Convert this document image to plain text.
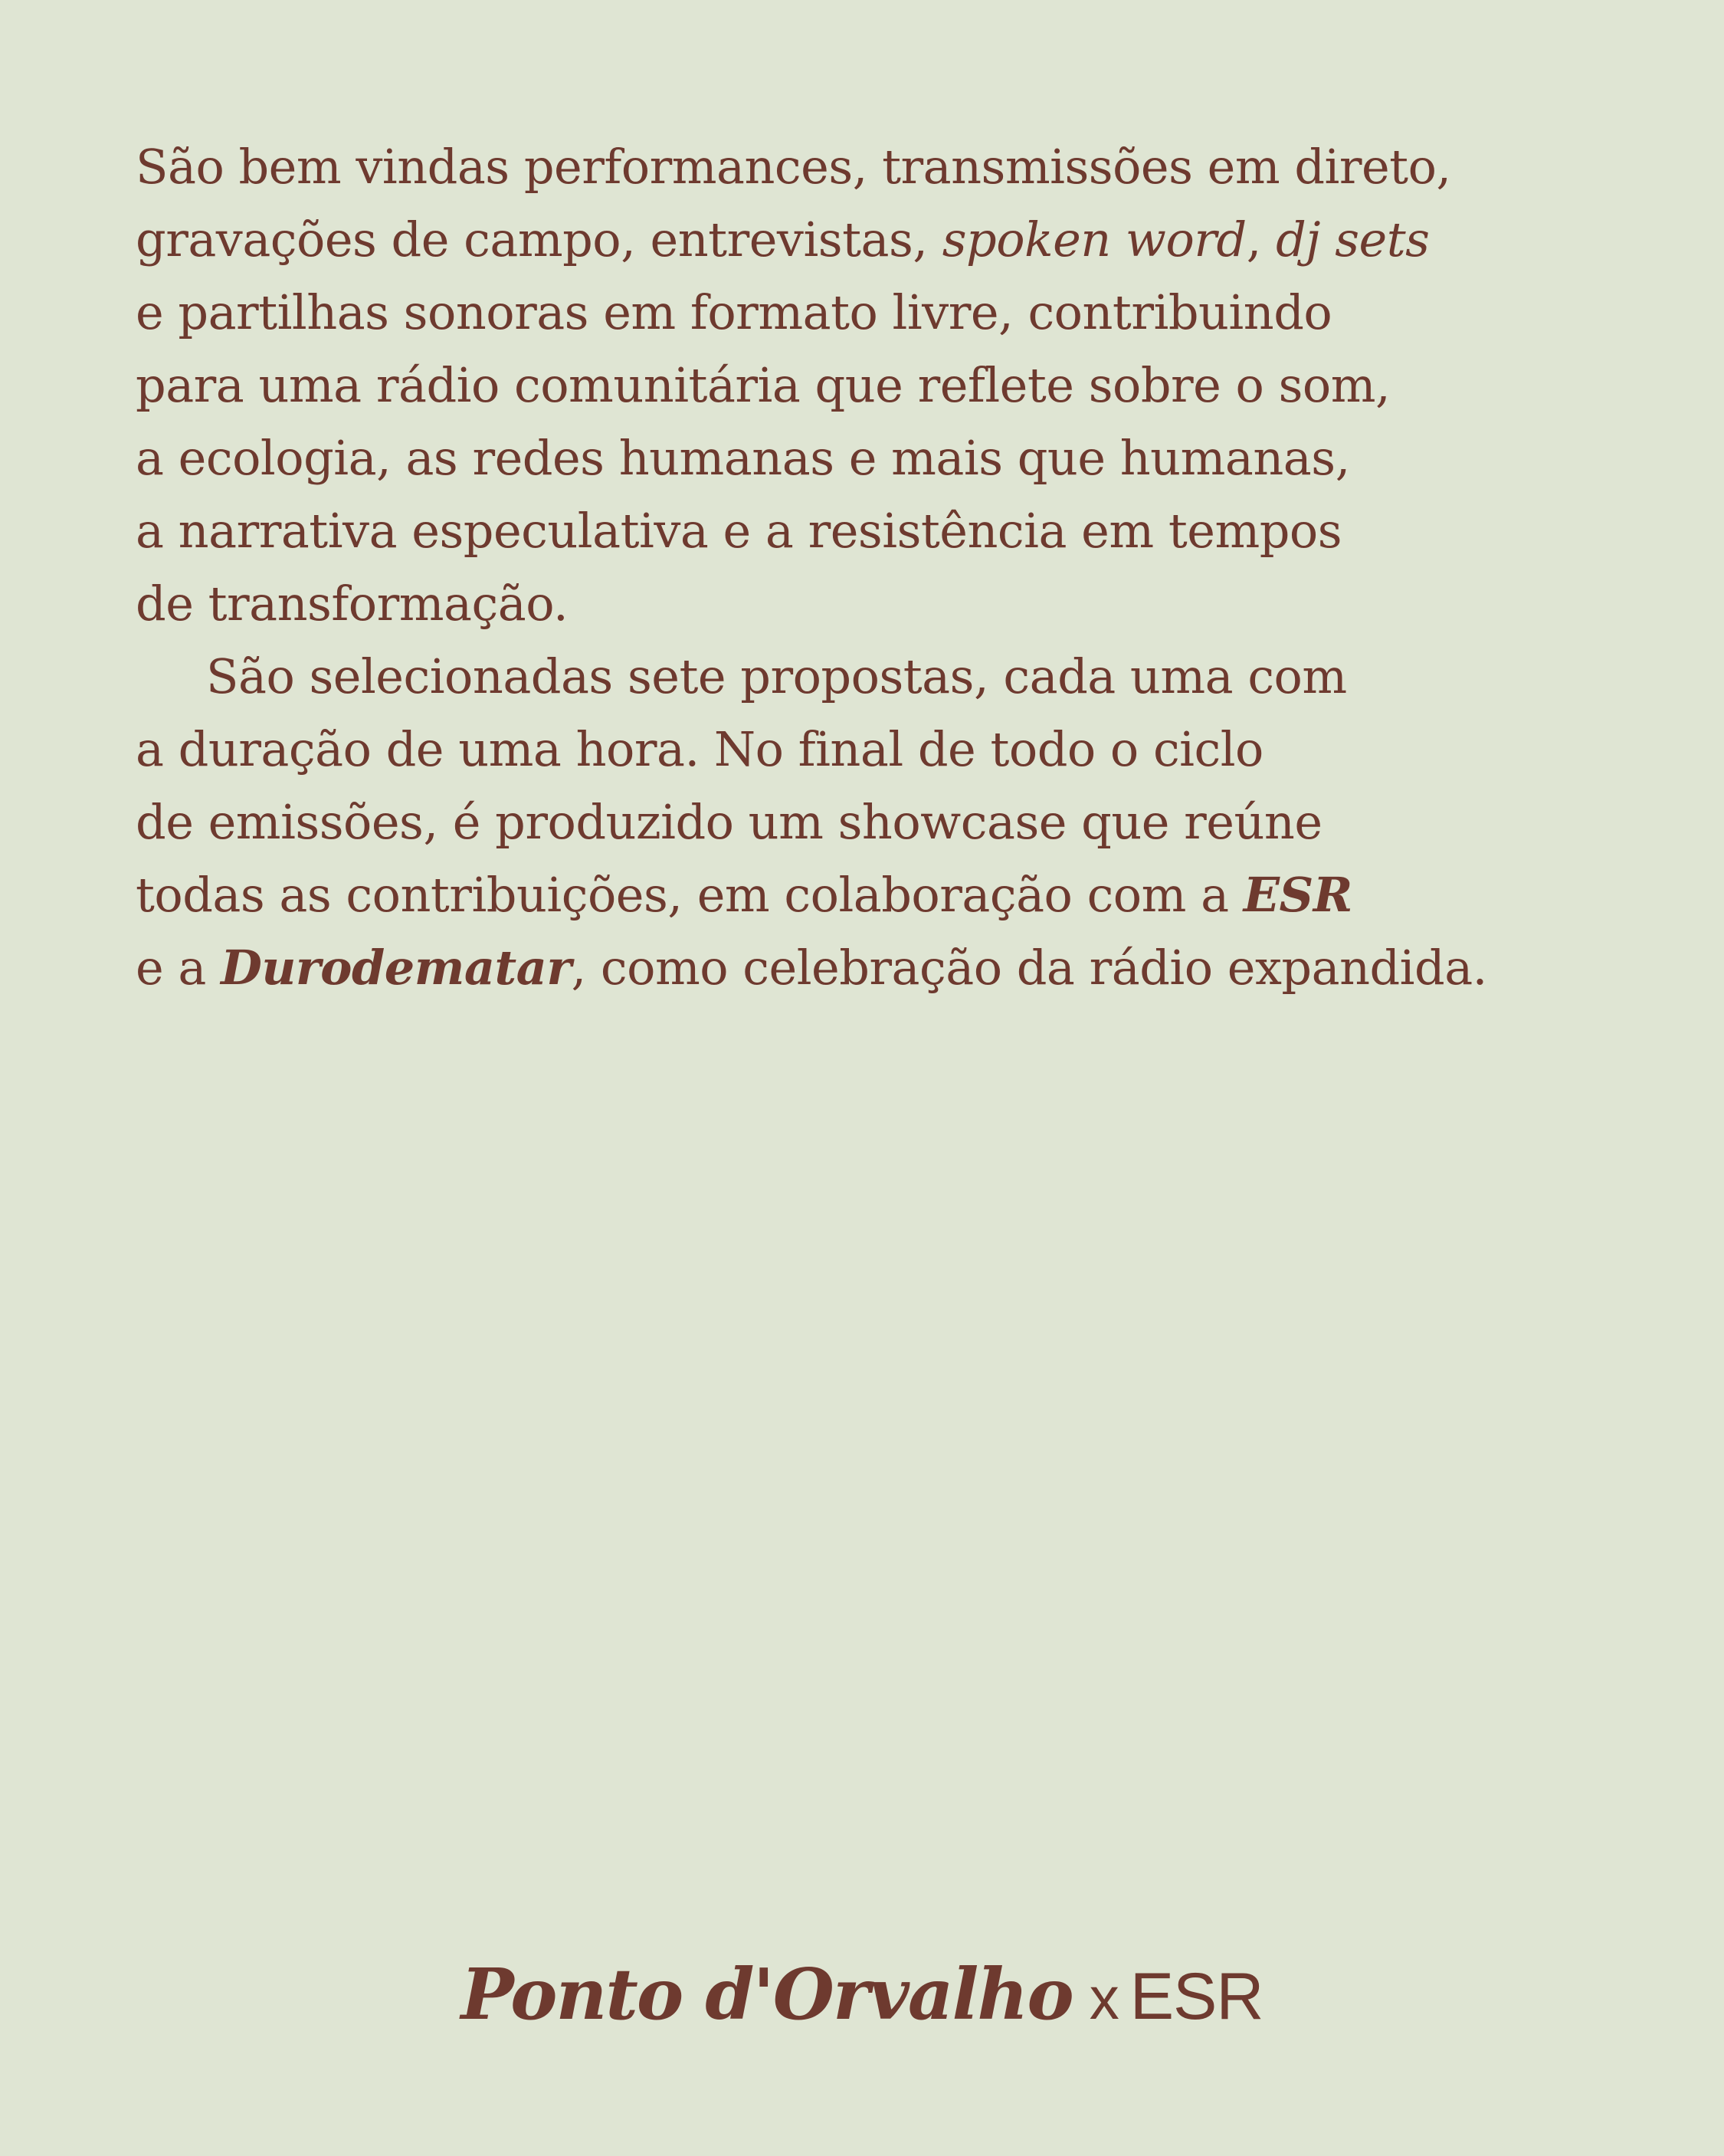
São bem vindas performances, transmissões em direto,
gravações de campo, entrevistas, spoken word, dj sets
e partilhas sonoras em formato livre, contribuindo
para uma rádio comunitária que reflete sobre o som,
a ecologia, as redes humanas e mais que humanas,
a narrativa especulativa e a resistência em tempos
de transformação.
São selecionadas sete propostas, cada uma com
a duração de uma hora. No final de todo o ciclo
de emissões, é produzido um showcase que reúne
todas as contribuições, em colaboração com a ESR
e a Durodematar, como celebração da rádio expandida.
Ponto d'Orvalho x ESR
